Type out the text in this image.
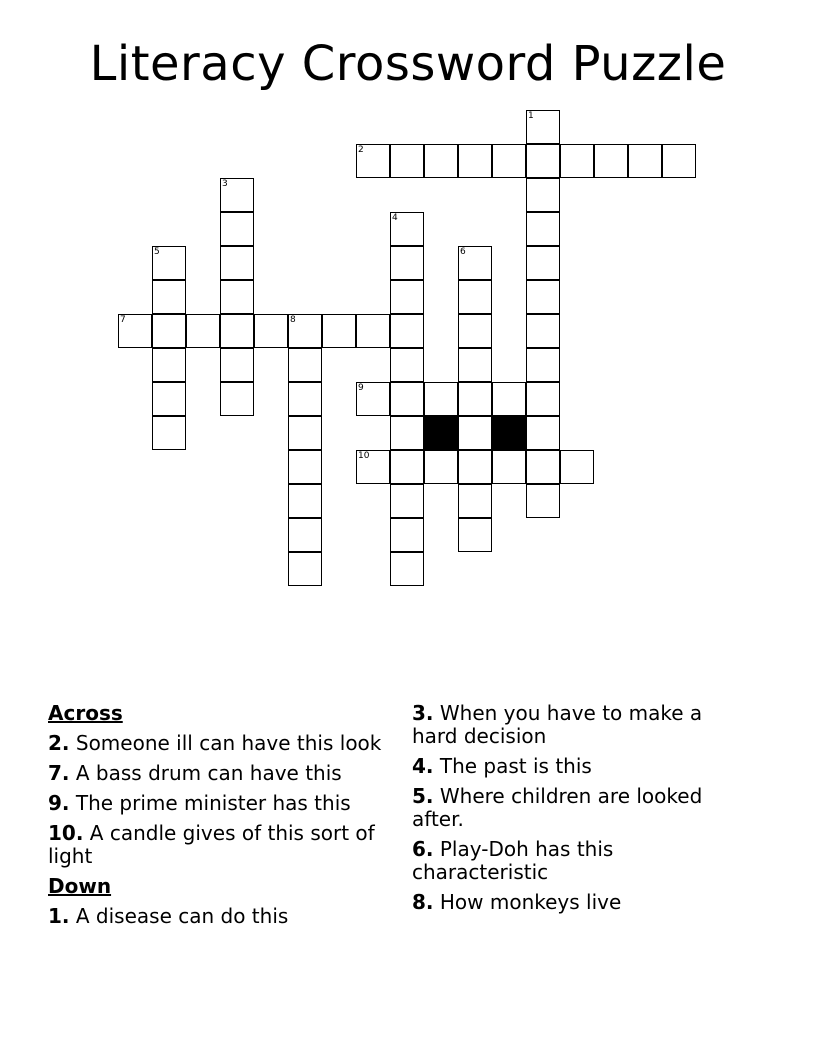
Literacy Crossword Puzzle
2
7	8
9
10
1
3
4
5	6
Across
2. Someone ill can have this look
7. A bass drum can have this
9. The prime minister has this
10. A candle gives of this sort of light
Down
1. A disease can do this
3. When you have to make a hard decision
4. The past is this
5. Where children are looked after.
6. Play-Doh has this characteristic
8. How monkeys live
